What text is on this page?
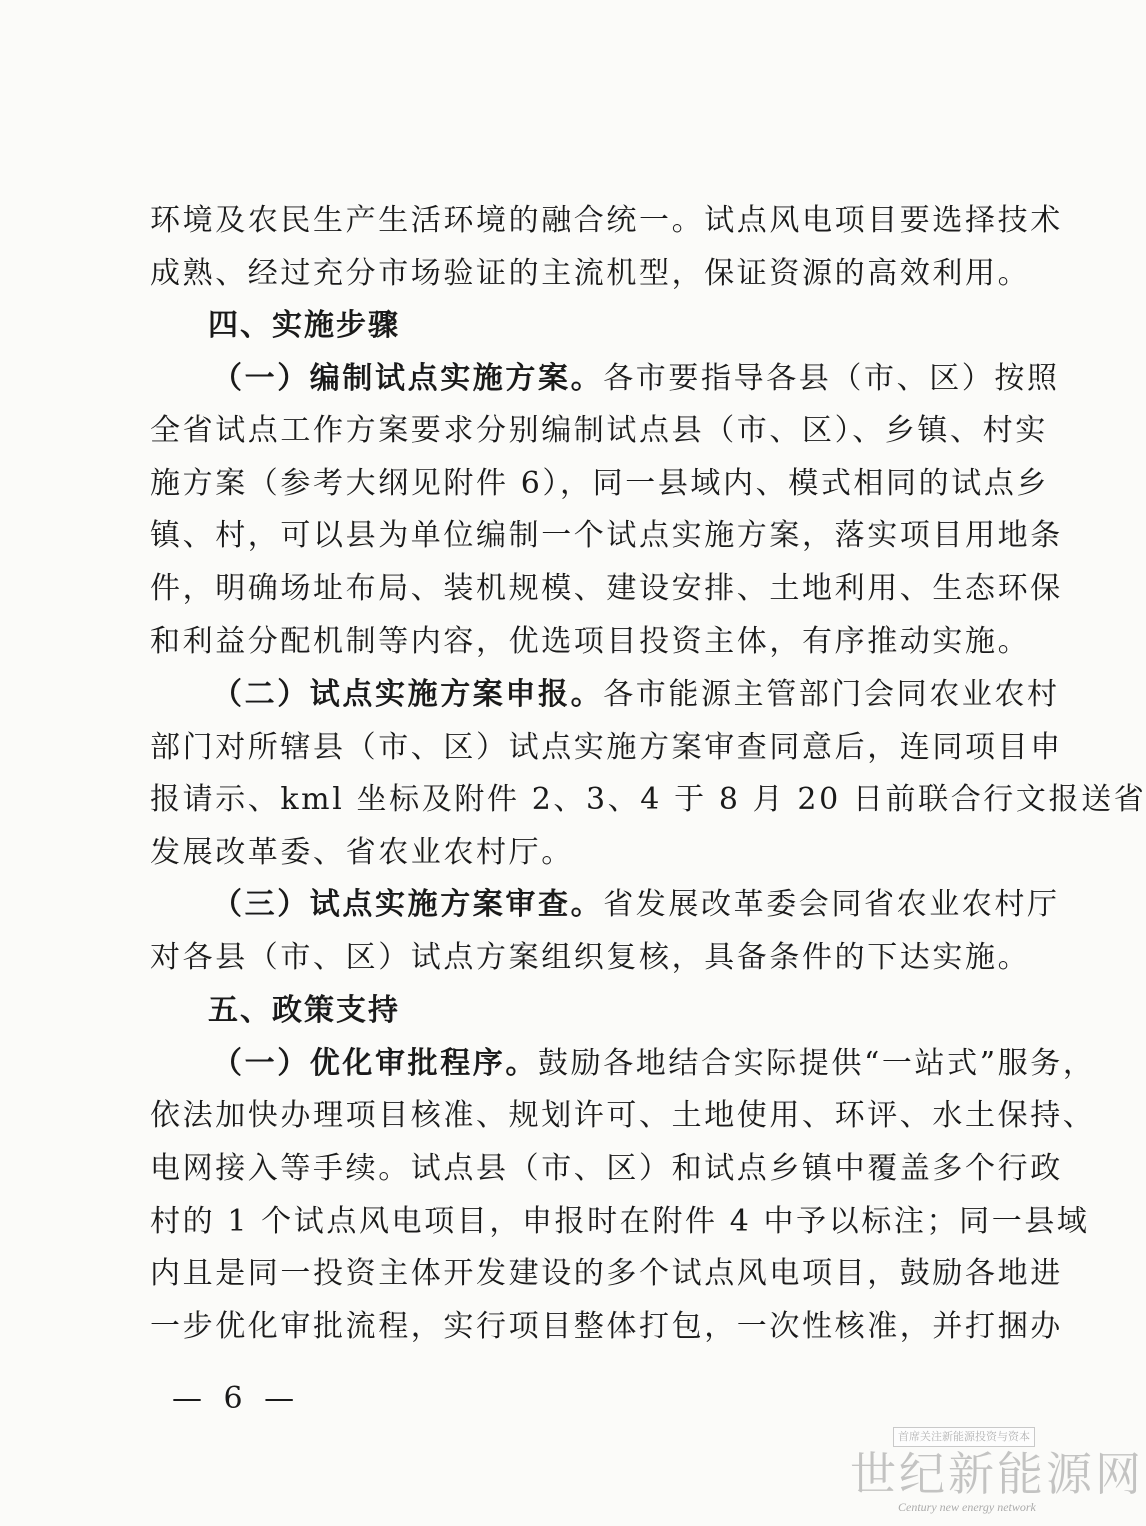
环境及农民生产生活环境的融合统一。试点风电项目要选择技术
成熟、经过充分市场验证的主流机型，保证资源的高效利用。
四、实施步骤
（一）编制试点实施方案。各市要指导各县（市、区）按照
全省试点工作方案要求分别编制试点县（市、区）、乡镇、村实
施方案（参考大纲见附件 6），同一县域内、模式相同的试点乡
镇、村，可以县为单位编制一个试点实施方案，落实项目用地条
件，明确场址布局、装机规模、建设安排、土地利用、生态环保
和利益分配机制等内容，优选项目投资主体，有序推动实施。
（二）试点实施方案申报。各市能源主管部门会同农业农村
部门对所辖县（市、区）试点实施方案审查同意后，连同项目申
报请示、kml 坐标及附件 2、3、4 于 8 月 20 日前联合行文报送省
发展改革委、省农业农村厅。
（三）试点实施方案审查。省发展改革委会同省农业农村厅
对各县（市、区）试点方案组织复核，具备条件的下达实施。
五、政策支持
（一）优化审批程序。鼓励各地结合实际提供“一站式”服务，
依法加快办理项目核准、规划许可、土地使用、环评、水土保持、
电网接入等手续。试点县（市、区）和试点乡镇中覆盖多个行政
村的 1 个试点风电项目，申报时在附件 4 中予以标注；同一县域
内且是同一投资主体开发建设的多个试点风电项目，鼓励各地进
一步优化审批流程，实行项目整体打包，一次性核准，并打捆办
— 6 —
首席关注新能源投资与资本
世纪新能源网
Century new energy network
